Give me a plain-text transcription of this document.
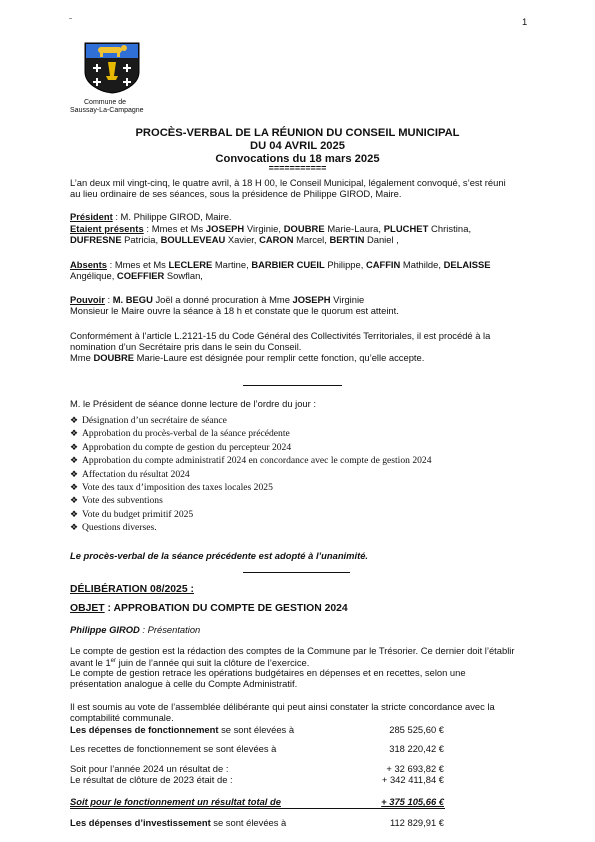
1
Commune de
Saussay-La-Campagne
PROCÈS-VERBAL DE LA RÉUNION DU CONSEIL MUNICIPAL
DU 04 AVRIL 2025
Convocations du 18 mars 2025
===========
L’an deux mil vingt-cinq, le quatre avril, à 18 H 00, le Conseil Municipal, légalement convoqué, s’est réuni
au lieu ordinaire de ses séances, sous la présidence de Philippe GIROD, Maire.
Président : M. Philippe GIROD, Maire.
Etaient présents : Mmes et Ms JOSEPH Virginie, DOUBRE Marie-Laura, PLUCHET Christina,
DUFRESNE Patricia, BOULLEVEAU Xavier, CARON Marcel, BERTIN Daniel ,
Absents : Mmes et Ms LECLERE Martine, BARBIER CUEIL Philippe, CAFFIN Mathilde, DELAISSE
Angélique, COEFFIER Sowflan,
Pouvoir : M. BEGU Joël a donné procuration à Mme JOSEPH Virginie
Monsieur le Maire ouvre la séance à 18 h et constate que le quorum est atteint.
Conformément à l’article L.2121-15 du Code Général des Collectivités Territoriales, il est procédé à la
nomination d’un Secrétaire pris dans le sein du Conseil.
Mme DOUBRE Marie-Laure est désignée pour remplir cette fonction, qu’elle accepte.
M. le Président de séance donne lecture de l’ordre du jour :
❖ Désignation d’un secrétaire de séance
❖ Approbation du procès-verbal de la séance précédente
❖ Approbation du compte de gestion du percepteur 2024
❖ Approbation du compte administratif 2024 en concordance avec le compte de gestion 2024
❖ Affectation du résultat 2024
❖ Vote des taux d’imposition des taxes locales 2025
❖ Vote des subventions
❖ Vote du budget primitif 2025
❖ Questions diverses.
Le procès-verbal de la séance précédente est adopté à l’unanimité.
DÉLIBÉRATION 08/2025 :
OBJET : APPROBATION DU COMPTE DE GESTION 2024
Philippe GIROD : Présentation
Le compte de gestion est la rédaction des comptes de la Commune par le Trésorier. Ce dernier doit l’établir
avant le 1er juin de l’année qui suit la clôture de l’exercice.
Le compte de gestion retrace les opérations budgétaires en dépenses et en recettes, selon une
présentation analogue à celle du Compte Administratif.
Il est soumis au vote de l’assemblée délibérante qui peut ainsi constater la stricte concordance avec la
comptabilité communale.
Les dépenses de fonctionnement se sont élevées à	285 525,60 €
Les recettes de fonctionnement se sont élevées à	318 220,42 €
Soit pour l’année 2024 un résultat de :	+ 32 693,82 €
Le résultat de clôture de 2023 était de :	+ 342 411,84 €
Soit pour le fonctionnement un résultat total de	+ 375 105,66 €
Les dépenses d’investissement se sont élevées à	112 829,91 €
